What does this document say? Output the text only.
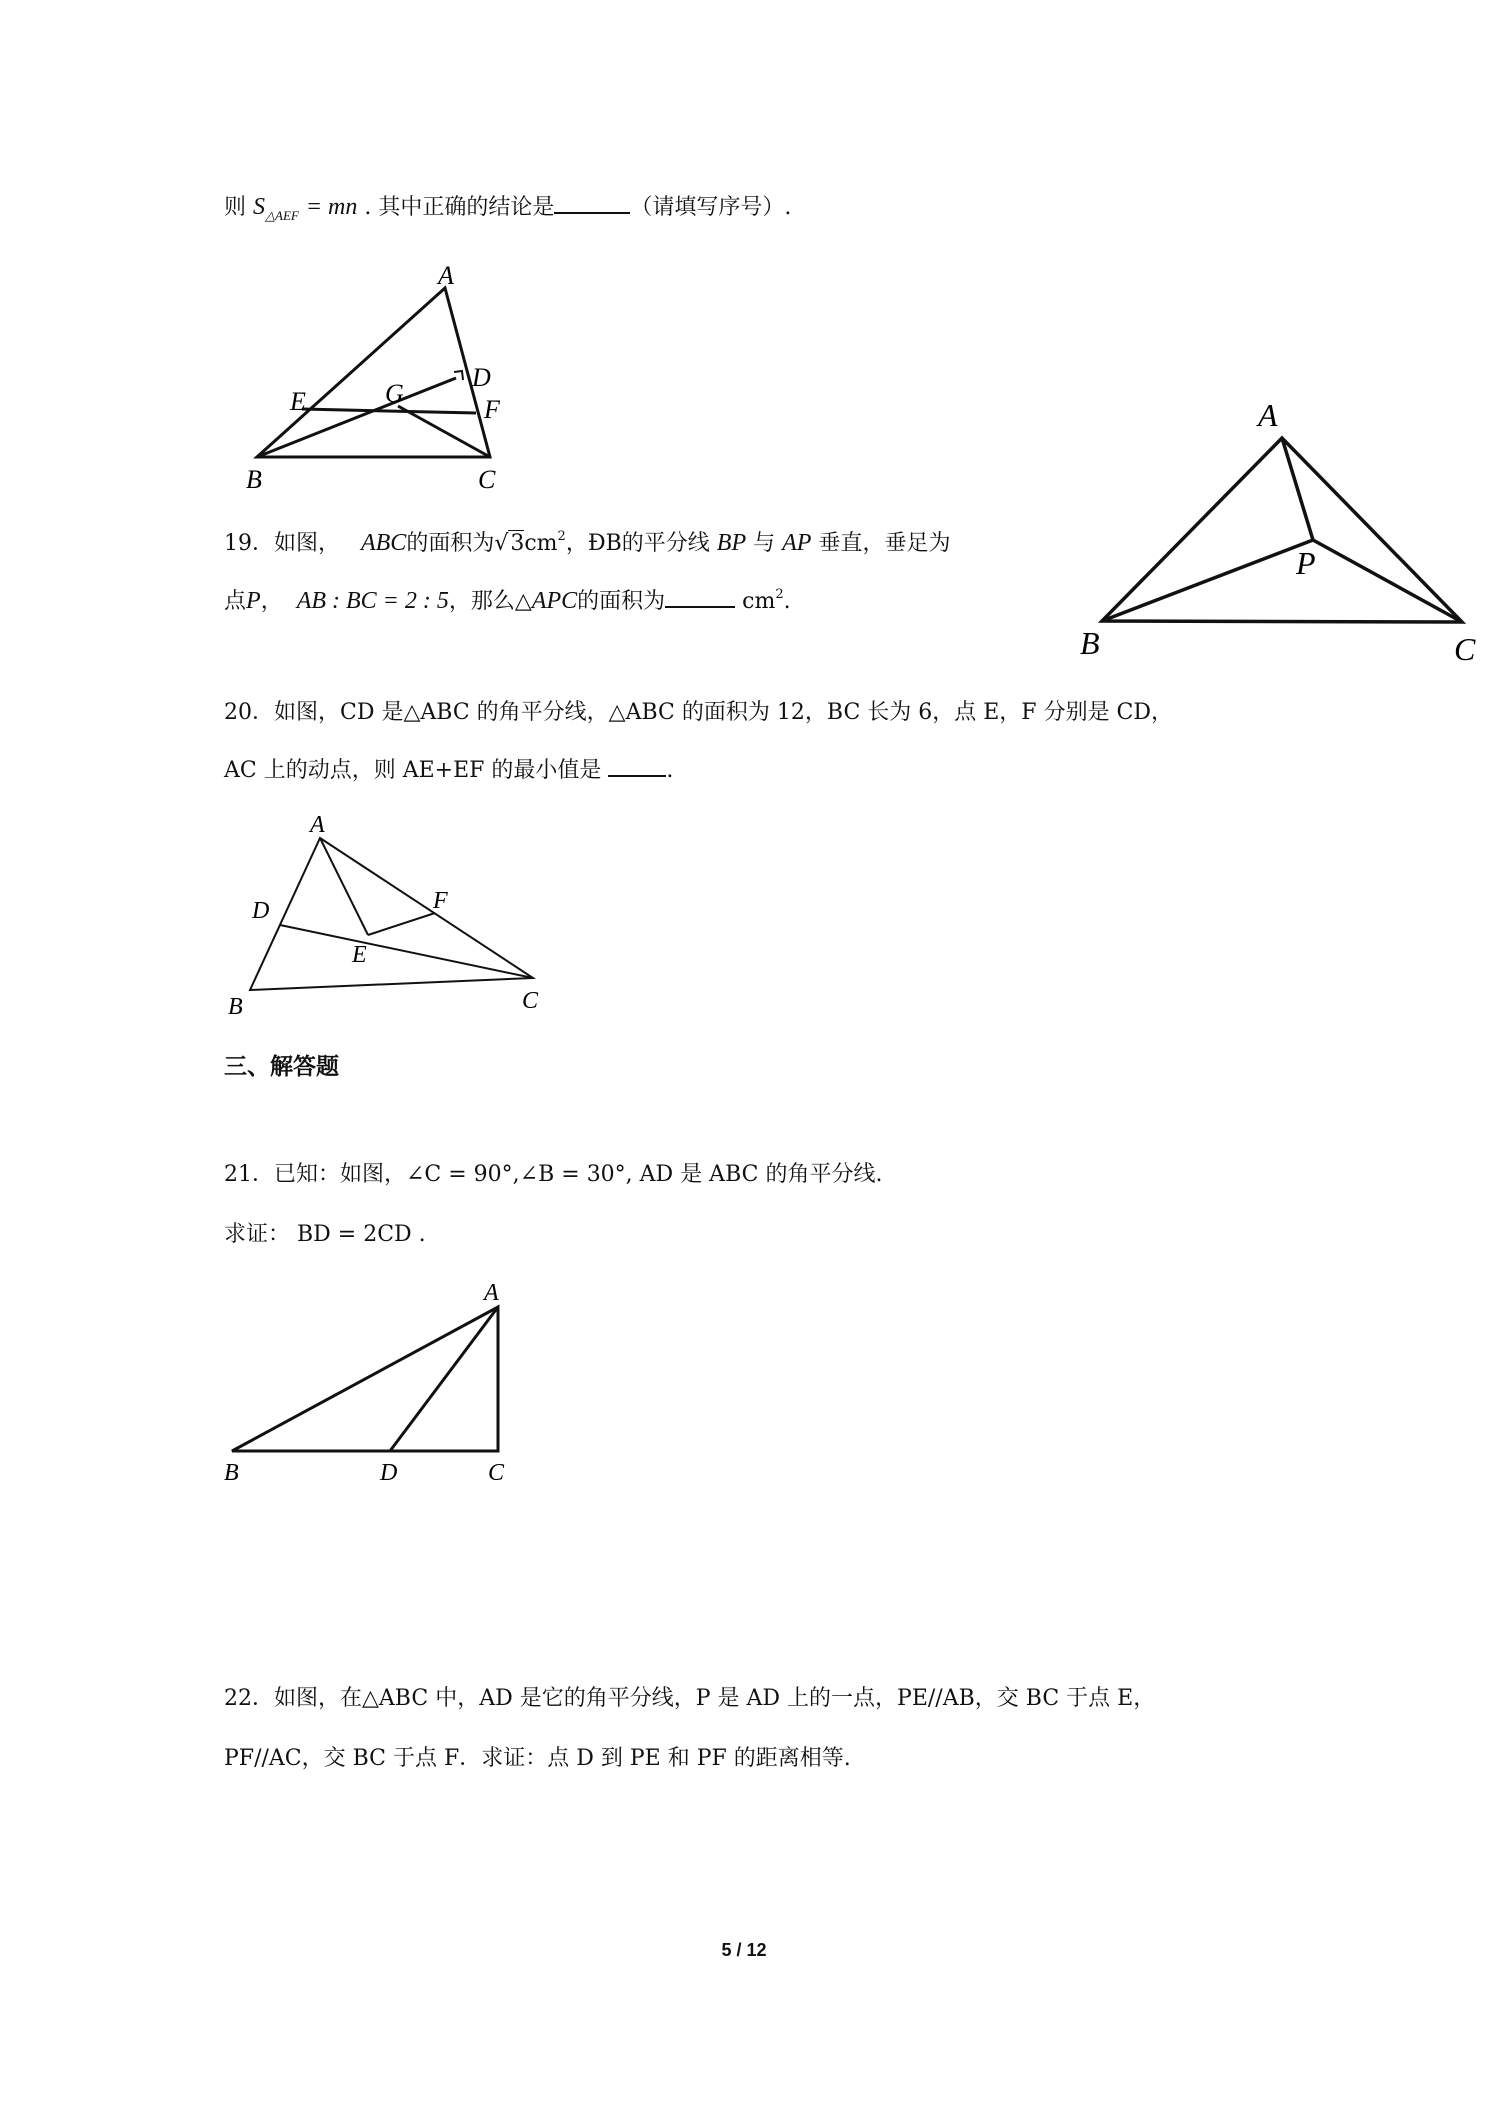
则 $S_{\triangle AEF}$ = mn . 其中正确的结论是	（请填写序号）.
A
D
E	G
F
B	C
19．如图， ABC的面积为$√3cm^2$，ÐB的平分线 BP 与 AP 垂直，垂足为
点P， AB : BC = 2 : 5，那么△APC的面积为	$cm^2$.
A
P
B	C
20．如图，CD 是△ABC 的角平分线，△ABC 的面积为 12，BC 长为 6，点 E，F 分别是 CD，
AC 上的动点，则 AE+EF 的最小值是	.
A
D	F
E
B	C
三、解答题
21．已知：如图，∠C = 90°,∠B = 30°, AD 是 ABC 的角平分线.
求证： BD = 2CD .
A
B	D	C
22．如图，在△ABC 中，AD 是它的角平分线，P 是 AD 上的一点，PE//AB，交 BC 于点 E，
PF//AC，交 BC 于点 F．求证：点 D 到 PE 和 PF 的距离相等.
5 / 12
